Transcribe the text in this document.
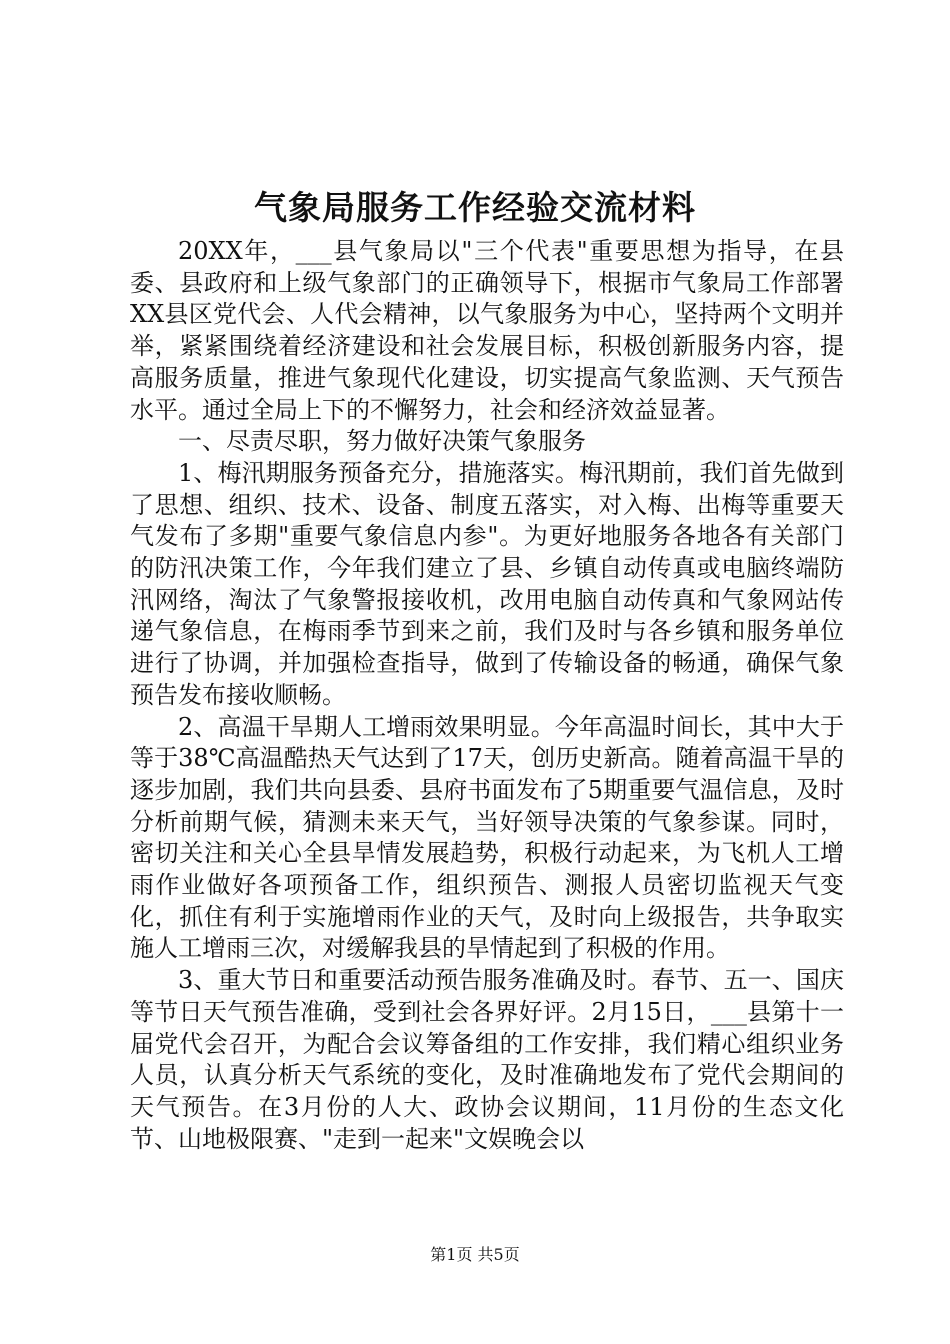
气象局服务工作经验交流材料

20XX年，___县气象局以"三个代表"重要思想为指导，在县委、县政府和上级气象部门的正确领导下，根据市气象局工作部署XX县区党代会、人代会精神，以气象服务为中心，坚持两个文明并举，紧紧围绕着经济建设和社会发展目标，积极创新服务内容，提高服务质量，推进气象现代化建设，切实提高气象监测、天气预告水平。通过全局上下的不懈努力，社会和经济效益显著。

一、尽责尽职，努力做好决策气象服务

1、梅汛期服务预备充分，措施落实。梅汛期前，我们首先做到了思想、组织、技术、设备、制度五落实，对入梅、出梅等重要天气发布了多期"重要气象信息内参"。为更好地服务各地各有关部门的防汛决策工作，今年我们建立了县、乡镇自动传真或电脑终端防汛网络，淘汰了气象警报接收机，改用电脑自动传真和气象网站传递气象信息，在梅雨季节到来之前，我们及时与各乡镇和服务单位进行了协调，并加强检查指导，做到了传输设备的畅通，确保气象预告发布接收顺畅。

2、高温干旱期人工增雨效果明显。今年高温时间长，其中大于等于38℃高温酷热天气达到了17天，创历史新高。随着高温干旱的逐步加剧，我们共向县委、县府书面发布了5期重要气温信息，及时分析前期气候，猜测未来天气，当好领导决策的气象参谋。同时，密切关注和关心全县旱情发展趋势，积极行动起来，为飞机人工增雨作业做好各项预备工作，组织预告、测报人员密切监视天气变化，抓住有利于实施增雨作业的天气，及时向上级报告，共争取实施人工增雨三次，对缓解我县的旱情起到了积极的作用。

3、重大节日和重要活动预告服务准确及时。春节、五一、国庆等节日天气预告准确，受到社会各界好评。2月15日，___县第十一届党代会召开，为配合会议筹备组的工作安排，我们精心组织业务人员，认真分析天气系统的变化，及时准确地发布了党代会期间的天气预告。在3月份的人大、政协会议期间，11月份的生态文化节、山地极限赛、"走到一起来"文娱晚会以

第1页 共5页
